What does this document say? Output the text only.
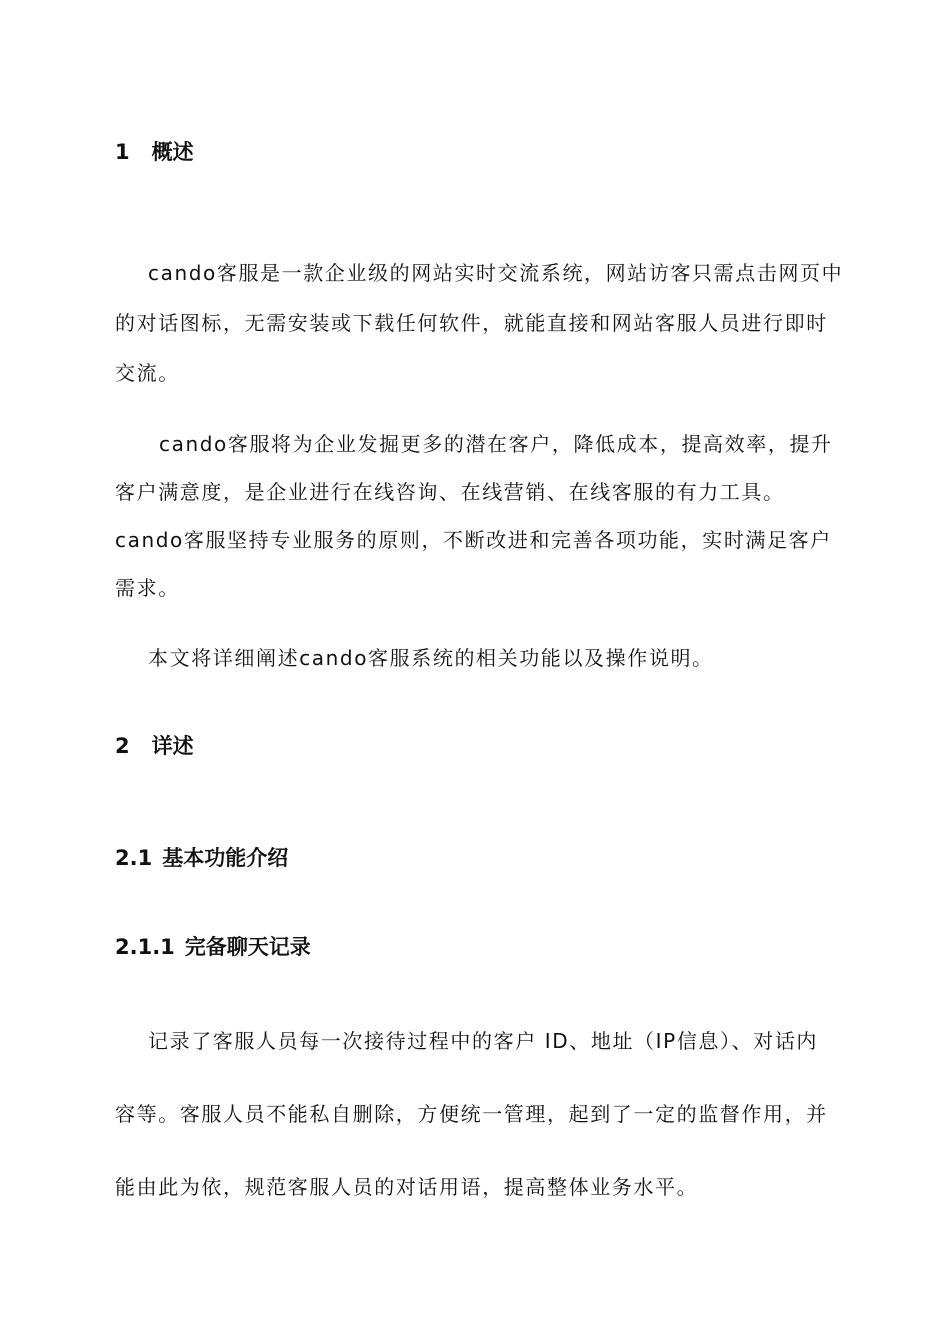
1 概述
cando客服是一款企业级的网站实时交流系统，网站访客只需点击网页中
的对话图标，无需安装或下载任何软件，就能直接和网站客服人员进行即时
交流。
cando客服将为企业发掘更多的潜在客户，降低成本，提高效率，提升
客户满意度，是企业进行在线咨询、在线营销、在线客服的有力工具。
cando客服坚持专业服务的原则，不断改进和完善各项功能，实时满足客户
需求。
本文将详细阐述cando客服系统的相关功能以及操作说明。
2 详述
2.1 基本功能介绍
2.1.1 完备聊天记录
记录了客服人员每一次接待过程中的客户 ID、地址（IP信息）、对话内
容等。客服人员不能私自删除，方便统一管理，起到了一定的监督作用，并
能由此为依，规范客服人员的对话用语，提高整体业务水平。
